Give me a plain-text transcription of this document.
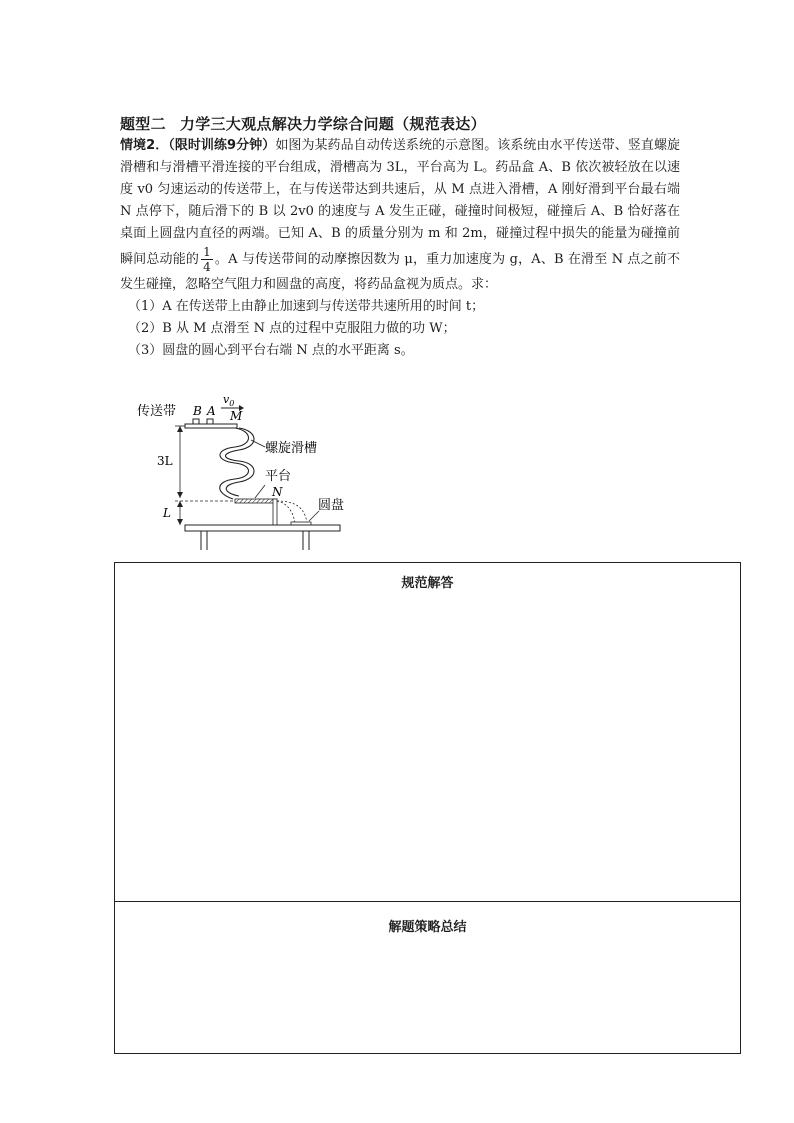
题型二 力学三大观点解决力学综合问题（规范表达）

情境2．（限时训练9分钟）如图为某药品自动传送系统的示意图。该系统由水平传送带、竖直螺旋滑槽和与滑槽平滑连接的平台组成，滑槽高为 3L，平台高为 L。药品盒 A、B 依次被轻放在以速度 v0 匀速运动的传送带上，在与传送带达到共速后，从 M 点进入滑槽，A 刚好滑到平台最右端 N 点停下，随后滑下的 B 以 2v0 的速度与 A 发生正碰，碰撞时间极短，碰撞后 A、B 恰好落在桌面上圆盘内直径的两端。已知 A、B 的质量分别为 m 和 2m，碰撞过程中损失的能量为碰撞前瞬间总动能的 $\frac{1}{4}$ 。A 与传送带间的动摩擦因数为 μ，重力加速度为 g，A、B 在滑至 N 点之前不发生碰撞，忽略空气阻力和圆盘的高度，将药品盒视为质点。求：

（1）A 在传送带上由静止加速到与传送带共速所用的时间 t；

（2）B 从 M 点滑至 N 点的过程中克服阻力做的功 W；

（3）圆盘的圆心到平台右端 N 点的水平距离 s。

传送带 B A
$v_0$
M
3L
L
螺旋滑槽
平台
N
圆盘
规范解答
解题策略总结
